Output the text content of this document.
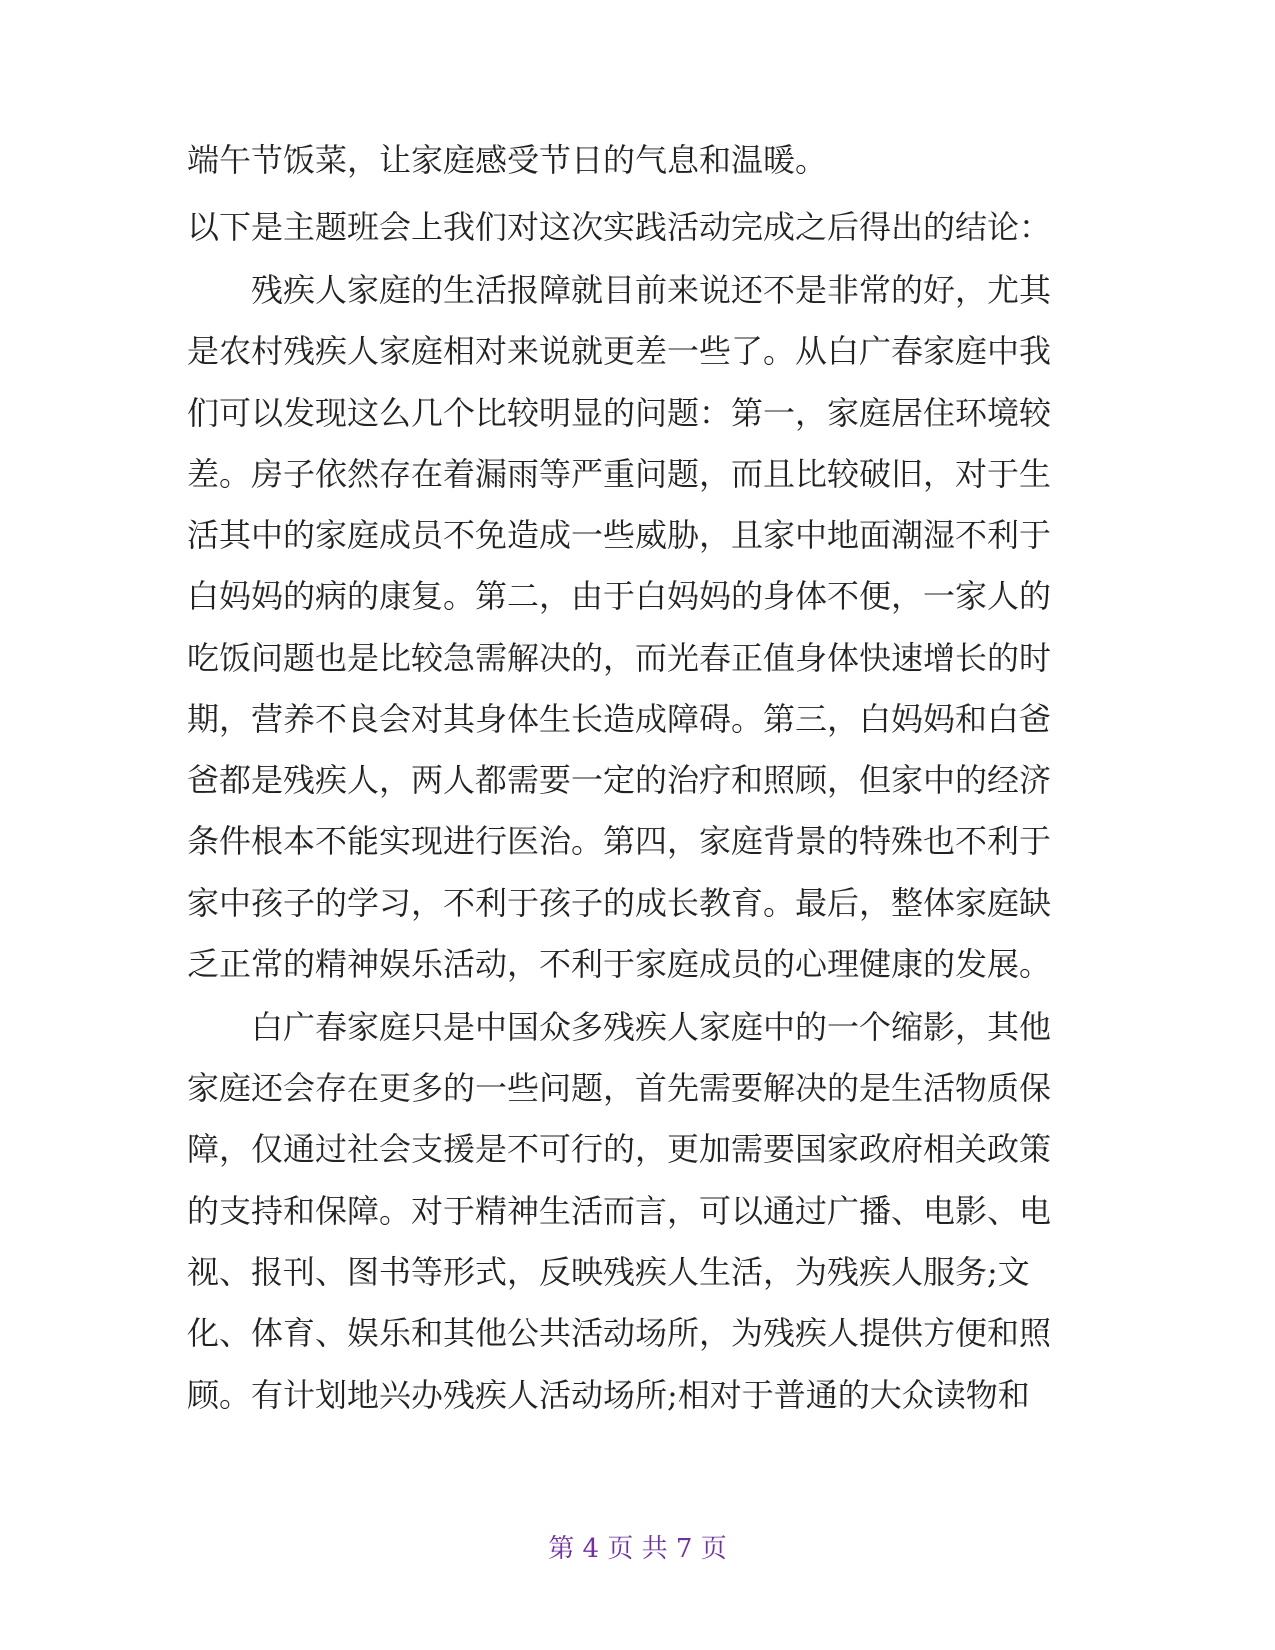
端午节饭菜，让家庭感受节日的气息和温暖。
以下是主题班会上我们对这次实践活动完成之后得出的结论：
　　残疾人家庭的生活报障就目前来说还不是非常的好，尤其
是农村残疾人家庭相对来说就更差一些了。从白广春家庭中我
们可以发现这么几个比较明显的问题：第一，家庭居住环境较
差。房子依然存在着漏雨等严重问题，而且比较破旧，对于生
活其中的家庭成员不免造成一些威胁，且家中地面潮湿不利于
白妈妈的病的康复。第二，由于白妈妈的身体不便，一家人的
吃饭问题也是比较急需解决的，而光春正值身体快速增长的时
期，营养不良会对其身体生长造成障碍。第三，白妈妈和白爸
爸都是残疾人，两人都需要一定的治疗和照顾，但家中的经济
条件根本不能实现进行医治。第四，家庭背景的特殊也不利于
家中孩子的学习，不利于孩子的成长教育。最后，整体家庭缺
乏正常的精神娱乐活动，不利于家庭成员的心理健康的发展。
　　白广春家庭只是中国众多残疾人家庭中的一个缩影，其他
家庭还会存在更多的一些问题，首先需要解决的是生活物质保
障，仅通过社会支援是不可行的，更加需要国家政府相关政策
的支持和保障。对于精神生活而言，可以通过广播、电影、电
视、报刊、图书等形式，反映残疾人生活，为残疾人服务;文
化、体育、娱乐和其他公共活动场所，为残疾人提供方便和照
顾。有计划地兴办残疾人活动场所;相对于普通的大众读物和
第 4 页 共 7 页
